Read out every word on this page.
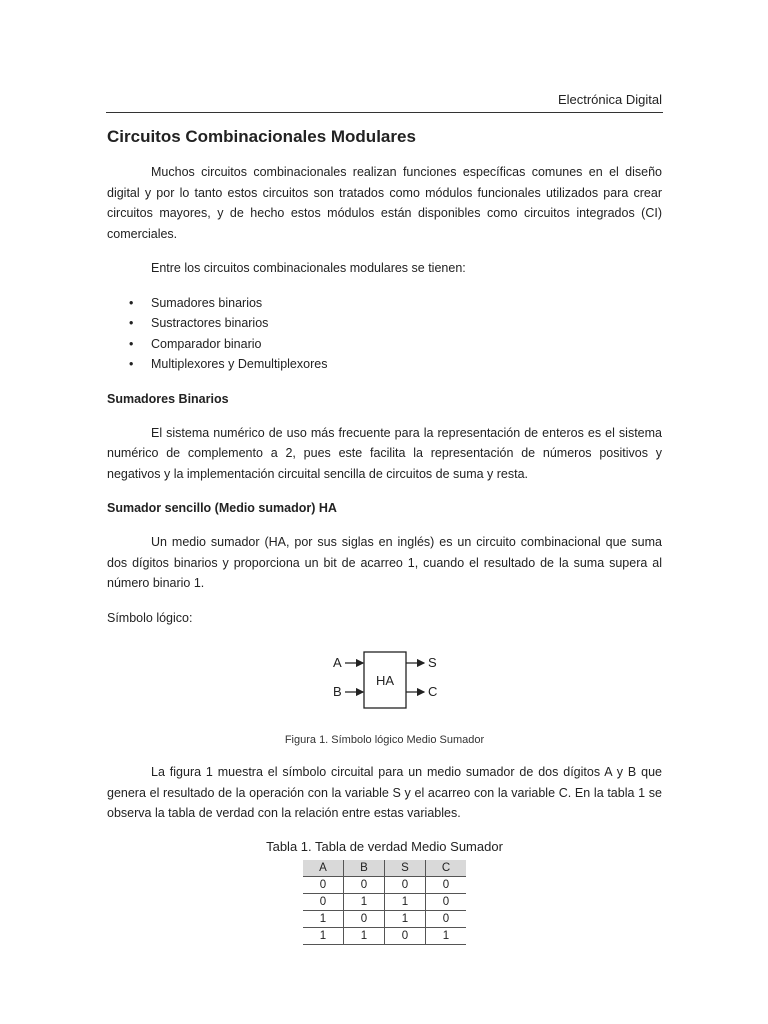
Electrónica Digital
Circuitos Combinacionales Modulares

Muchos circuitos combinacionales realizan funciones específicas comunes en el diseño digital y por lo tanto estos circuitos son tratados como módulos funcionales utilizados para crear circuitos mayores, y de hecho estos módulos están disponibles como circuitos integrados (CI) comerciales.

Entre los circuitos combinacionales modulares se tienen:

• Sumadores binarios
• Sustractores binarios
• Comparador binario
• Multiplexores y Demultiplexores
Sumadores Binarios

El sistema numérico de uso más frecuente para la representación de enteros es el sistema numérico de complemento a 2, pues este facilita la representación de números positivos y negativos y la implementación circuital sencilla de circuitos de suma y resta.

Sumador sencillo (Medio sumador) HA

Un medio sumador (HA, por sus siglas en inglés) es un circuito combinacional que suma dos dígitos binarios y proporciona un bit de acarreo 1, cuando el resultado de la suma supera al número binario 1.

Símbolo lógico:

HA
A
B
S
C
Figura 1. Símbolo lógico Medio Sumador

La figura 1 muestra el símbolo circuital para un medio sumador de dos dígitos A y B que genera el resultado de la operación con la variable S y el acarreo con la variable C. En la tabla 1 se observa la tabla de verdad con la relación entre estas variables.

Tabla 1. Tabla de verdad Medio Sumador
A	B	S	C
0	0	0	0
0	1	1	0
1	0	1	0
1	1	0	1
